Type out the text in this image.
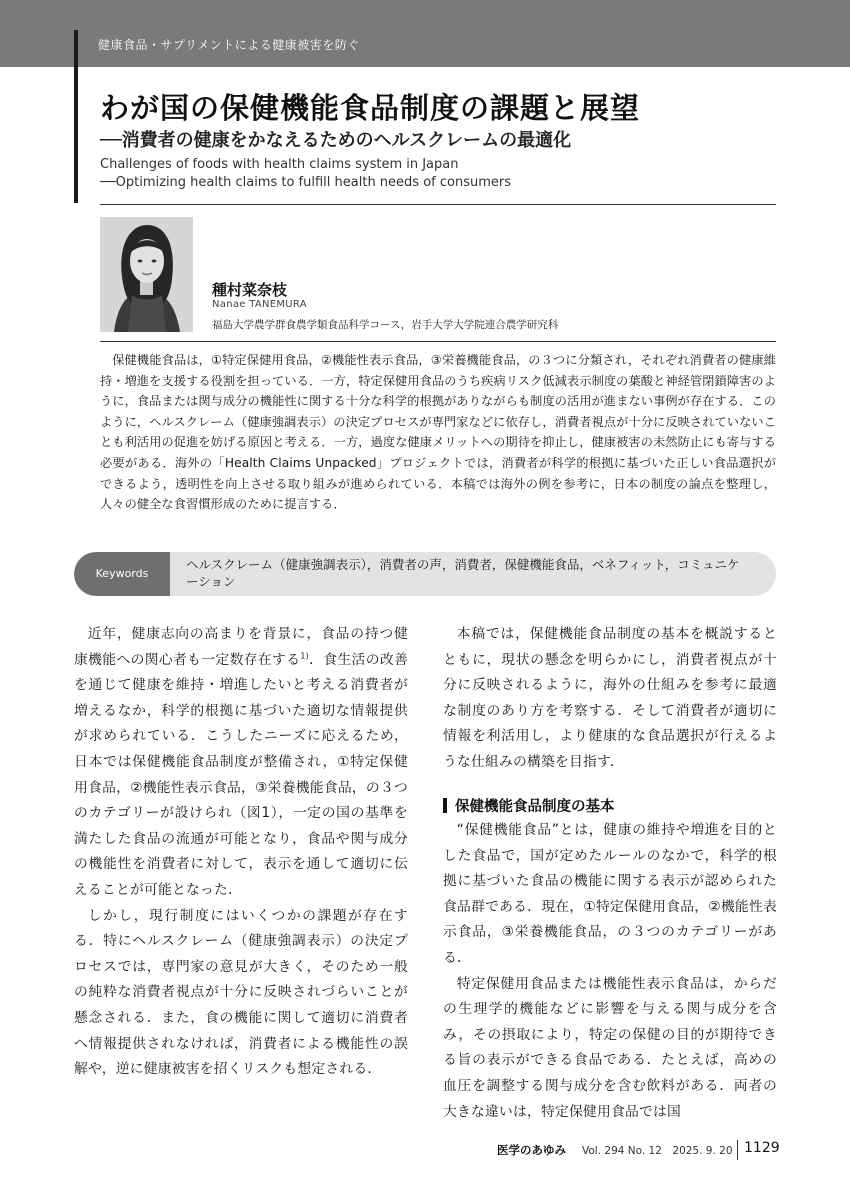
健康食品・サプリメントによる健康被害を防ぐ
わが国の保健機能食品制度の課題と展望
──消費者の健康をかなえるためのヘルスクレームの最適化
Challenges of foods with health claims system in Japan
──Optimizing health claims to fulfill health needs of consumers
種村菜奈枝
Nanae TANEMURA
福島大学農学群食農学類食品科学コース，岩手大学大学院連合農学研究科

保健機能食品は，①特定保健用食品，②機能性表示食品，③栄養機能食品，の３つに分類され，それぞれ消費者の健康維持・増進を支援する役割を担っている．一方，特定保健用食品のうち疾病リスク低減表示制度の葉酸と神経管閉鎖障害のように，食品または関与成分の機能性に関する十分な科学的根拠がありながらも制度の活用が進まない事例が存在する．このように，ヘルスクレーム（健康強調表示）の決定プロセスが専門家などに依存し，消費者視点が十分に反映されていないことも利活用の促進を妨げる原因と考える．一方，過度な健康メリットへの期待を抑止し，健康被害の未然防止にも寄与する必要がある．海外の「Health Claims Unpacked」プロジェクトでは，消費者が科学的根拠に基づいた正しい食品選択ができるよう，透明性を向上させる取り組みが進められている．本稿では海外の例を参考に，日本の制度の論点を整理し，人々の健全な食習慣形成のために提言する．

Keywords
ヘルスクレーム（健康強調表示），消費者の声，消費者，保健機能食品，ベネフィット，コミュニケーション

近年，健康志向の高まりを背景に，食品の持つ健康機能への関心者も一定数存在する$^{1)}$．食生活の改善を通じて健康を維持・増進したいと考える消費者が増えるなか，科学的根拠に基づいた適切な情報提供が求められている．こうしたニーズに応えるため，日本では保健機能食品制度が整備され，①特定保健用食品，②機能性表示食品，③栄養機能食品，の３つのカテゴリーが設けられ（図1），一定の国の基準を満たした食品の流通が可能となり，食品や関与成分の機能性を消費者に対して，表示を通して適切に伝えることが可能となった．

しかし，現行制度にはいくつかの課題が存在する．特にヘルスクレーム（健康強調表示）の決定プロセスでは，専門家の意見が大きく，そのため一般の純粋な消費者視点が十分に反映されづらいことが懸念される．また，食の機能に関して適切に消費者へ情報提供されなければ，消費者による機能性の誤解や，逆に健康被害を招くリスクも想定される．

本稿では，保健機能食品制度の基本を概説するとともに，現状の懸念を明らかにし，消費者視点が十分に反映されるように，海外の仕組みを参考に最適な制度のあり方を考察する．そして消費者が適切に情報を利活用し，より健康的な食品選択が行えるような仕組みの構築を目指す．

保健機能食品制度の基本

“保健機能食品”とは，健康の維持や増進を目的とした食品で，国が定めたルールのなかで，科学的根拠に基づいた食品の機能に関する表示が認められた食品群である．現在，①特定保健用食品，②機能性表示食品，③栄養機能食品，の３つのカテゴリーがある．

特定保健用食品または機能性表示食品は，からだの生理学的機能などに影響を与える関与成分を含み，その摂取により，特定の保健の目的が期待できる旨の表示ができる食品である．たとえば，高めの血圧を調整する関与成分を含む飲料がある．両者の大きな違いは，特定保健用食品では国

医学のあゆみ Vol. 294 No. 12　2025. 9. 20 1129
